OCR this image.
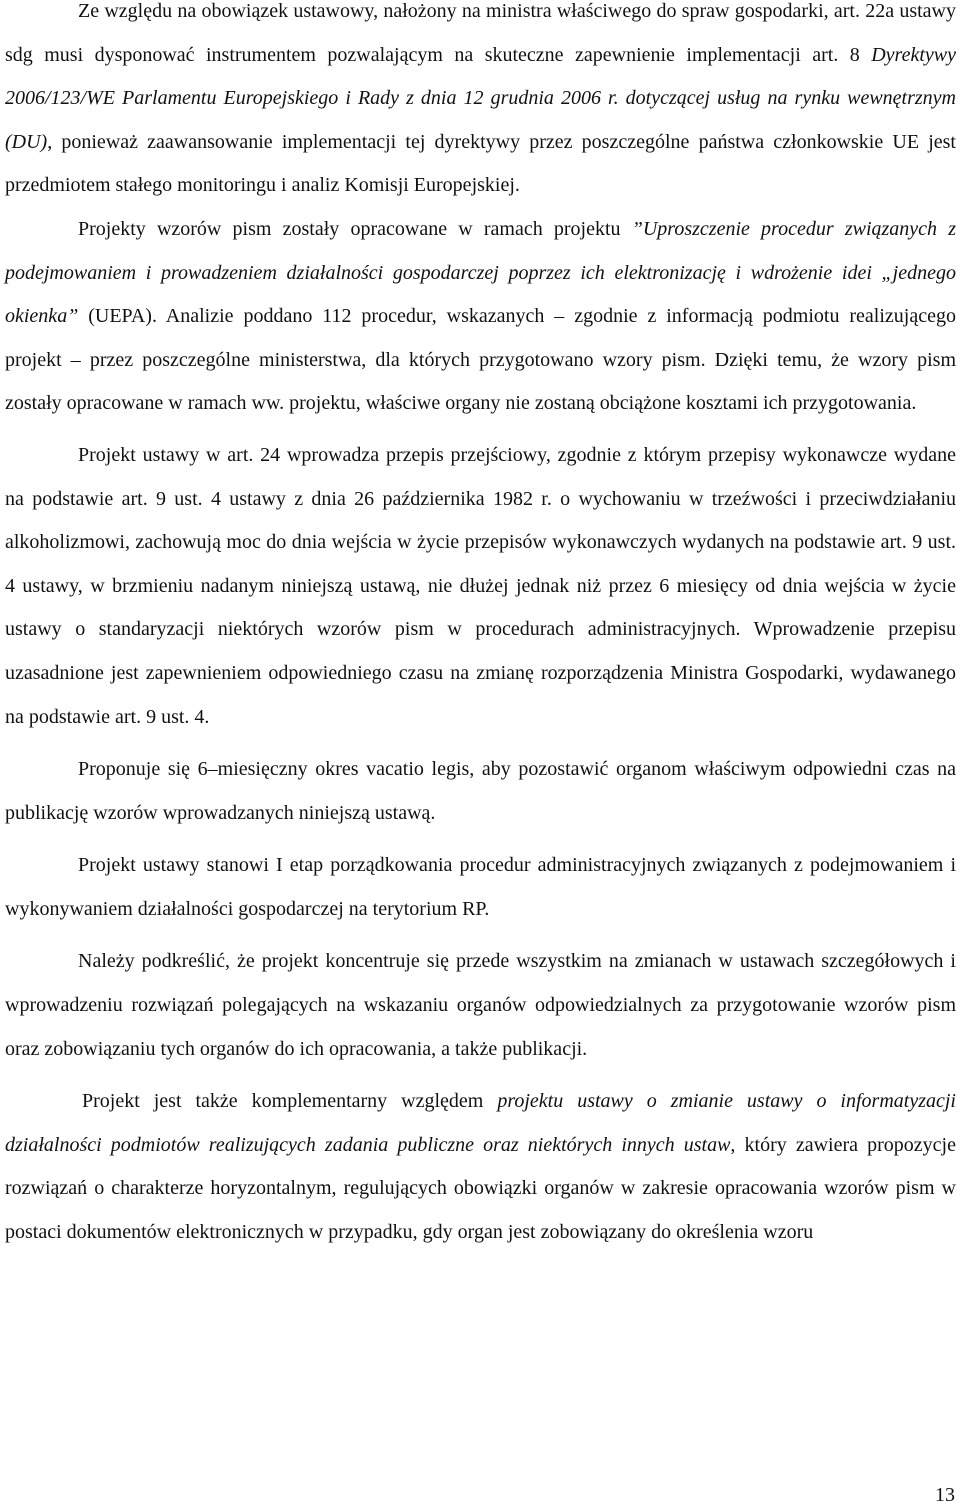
Ze względu na obowiązek ustawowy, nałożony na ministra właściwego do spraw gospodarki, art. 22a ustawy sdg musi dysponować instrumentem pozwalającym na skuteczne zapewnienie implementacji art. 8 Dyrektywy 2006/123/WE Parlamentu Europejskiego i Rady z dnia 12 grudnia 2006 r. dotyczącej usług na rynku wewnętrznym (DU), ponieważ zaawansowanie implementacji tej dyrektywy przez poszczególne państwa członkowskie UE jest przedmiotem stałego monitoringu i analiz Komisji Europejskiej.

Projekty wzorów pism zostały opracowane w ramach projektu ”Uproszczenie procedur związanych z podejmowaniem i prowadzeniem działalności gospodarczej poprzez ich elektronizację i wdrożenie idei „jednego okienka” (UEPA). Analizie poddano 112 procedur, wskazanych – zgodnie z informacją podmiotu realizującego projekt – przez poszczególne ministerstwa, dla których przygotowano wzory pism. Dzięki temu, że wzory pism zostały opracowane w ramach ww. projektu, właściwe organy nie zostaną obciążone kosztami ich przygotowania.

Projekt ustawy w art. 24 wprowadza przepis przejściowy, zgodnie z którym przepisy wykonawcze wydane na podstawie art. 9 ust. 4 ustawy z dnia 26 października 1982 r. o wychowaniu w trzeźwości i przeciwdziałaniu alkoholizmowi, zachowują moc do dnia wejścia w życie przepisów wykonawczych wydanych na podstawie art. 9 ust. 4 ustawy, w brzmieniu nadanym niniejszą ustawą, nie dłużej jednak niż przez 6 miesięcy od dnia wejścia w życie ustawy o standaryzacji niektórych wzorów pism w procedurach administracyjnych. Wprowadzenie przepisu uzasadnione jest zapewnieniem odpowiedniego czasu na zmianę rozporządzenia Ministra Gospodarki, wydawanego na podstawie art. 9 ust. 4.

Proponuje się 6–miesięczny okres vacatio legis, aby pozostawić organom właściwym odpowiedni czas na publikację wzorów wprowadzanych niniejszą ustawą.

Projekt ustawy stanowi I etap porządkowania procedur administracyjnych związanych z podejmowaniem i wykonywaniem działalności gospodarczej na terytorium RP.

Należy podkreślić, że projekt koncentruje się przede wszystkim na zmianach w ustawach szczegółowych i wprowadzeniu rozwiązań polegających na wskazaniu organów odpowiedzialnych za przygotowanie wzorów pism oraz zobowiązaniu tych organów do ich opracowania, a także publikacji.

Projekt jest także komplementarny względem projektu ustawy o zmianie ustawy o informatyzacji działalności podmiotów realizujących zadania publiczne oraz niektórych innych ustaw, który zawiera propozycje rozwiązań o charakterze horyzontalnym, regulujących obowiązki organów w zakresie opracowania wzorów pism w postaci dokumentów elektronicznych w przypadku, gdy organ jest zobowiązany do określenia wzoru

13
